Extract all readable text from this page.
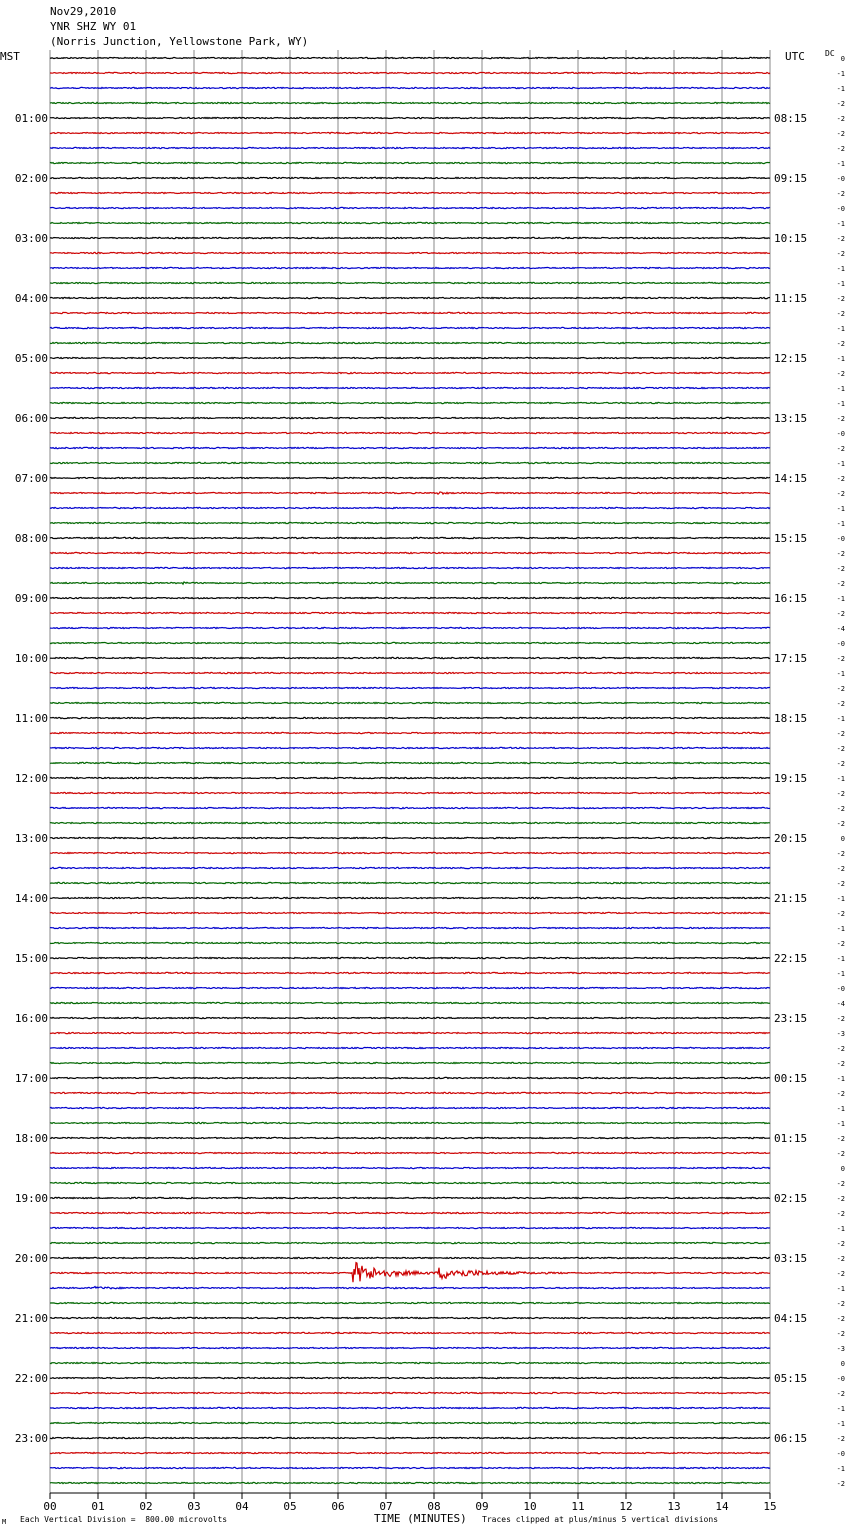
00	01	02	03	04	05	06	07	08	09	10	11	12	13	14	15
0
-1
-1
-2
-2
-2
-2
-1
-0
-2
-0
-1
-2
-2
-1
-1
-2
-2
-1
-2
-1
-2
-1
-1
-2
-0
-2
-1
-2
-2
-1
-1
-0
-2
-2
-2
-1
-2
-4
-0
-2
-1
-2
-2
-1
-2
-2
-2
-1
-2
-2
-2
0
-2
-2
-2
-1
-2
-1
-2
-1
-1
-0
-4
-2
-3
-2
-2
-1
-2
-1
-1
-2
-2
0
-2
-2
-2
-1
-2
-2
-2
-1
-2
-2
-2
-3
0
-0
-2
-1
-1
-2
-0
-1
-2
01:00
02:00
03:00
04:00
05:00
06:00
07:00
08:00
09:00
10:00
11:00
12:00
13:00
14:00
15:00
16:00
17:00
18:00
19:00
20:00
21:00
22:00
23:00
08:15
09:15
10:15
11:15
12:15
13:15
14:15
15:15
16:15
17:15
18:15
19:15
20:15
21:15
22:15
23:15
00:15
01:15
02:15
03:15
04:15
05:15
06:15
Nov29,2010
YNR SHZ WY 01
(Norris Junction, Yellowstone Park, WY)
MST	UTC	DC
M Each Vertical Division =  800.00 microvolts	TIME (MINUTES) Traces clipped at plus/minus 5 vertical divisions
